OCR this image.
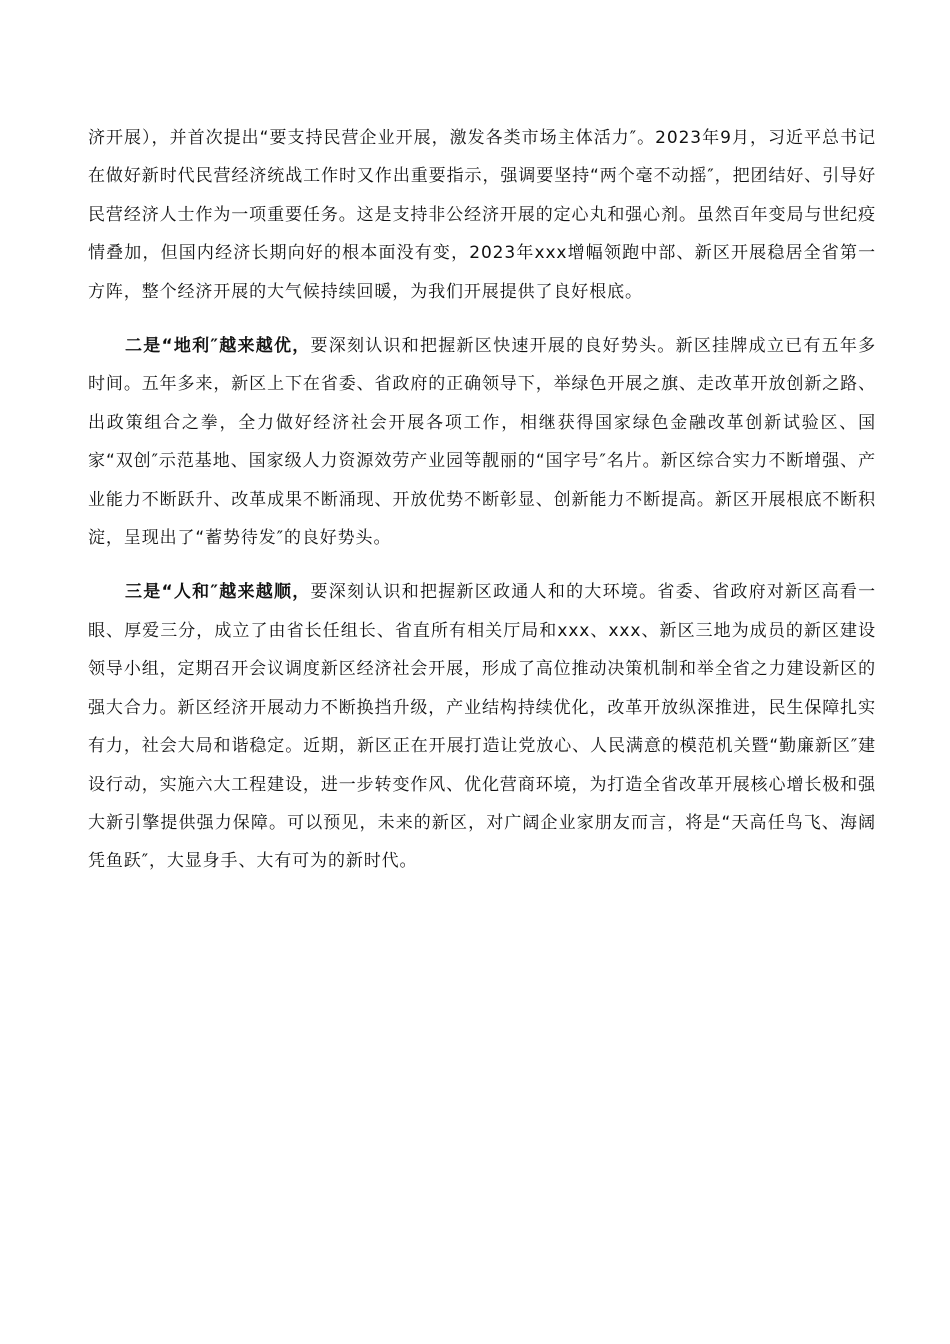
济开展），并首次提出“要支持民营企业开展，激发各类市场主体活力″。2023年9月，习近平总书记在做好新时代民营经济统战工作时又作出重要指示，强调要坚持“两个毫不动摇″，把团结好、引导好民营经济人士作为一项重要任务。这是支持非公经济开展的定心丸和强心剂。虽然百年变局与世纪疫情叠加，但国内经济长期向好的根本面没有变，2023年xxx增幅领跑中部、新区开展稳居全省第一方阵，整个经济开展的大气候持续回暖，为我们开展提供了良好根底。

二是“地利″越来越优，要深刻认识和把握新区快速开展的良好势头。新区挂牌成立已有五年多时间。五年多来，新区上下在省委、省政府的正确领导下，举绿色开展之旗、走改革开放创新之路、出政策组合之拳，全力做好经济社会开展各项工作，相继获得国家绿色金融改革创新试验区、国家“双创″示范基地、国家级人力资源效劳产业园等靓丽的“国字号″名片。新区综合实力不断增强、产业能力不断跃升、改革成果不断涌现、开放优势不断彰显、创新能力不断提高。新区开展根底不断积淀，呈现出了“蓄势待发″的良好势头。

三是“人和″越来越顺，要深刻认识和把握新区政通人和的大环境。省委、省政府对新区高看一眼、厚爱三分，成立了由省长任组长、省直所有相关厅局和xxx、xxx、新区三地为成员的新区建设领导小组，定期召开会议调度新区经济社会开展，形成了高位推动决策机制和举全省之力建设新区的强大合力。新区经济开展动力不断换挡升级，产业结构持续优化，改革开放纵深推进，民生保障扎实有力，社会大局和谐稳定。近期，新区正在开展打造让党放心、人民满意的模范机关暨“勤廉新区″建设行动，实施六大工程建设，进一步转变作风、优化营商环境，为打造全省改革开展核心增长极和强大新引擎提供强力保障。可以预见，未来的新区，对广阔企业家朋友而言，将是“天高任鸟飞、海阔凭鱼跃″，大显身手、大有可为的新时代。
